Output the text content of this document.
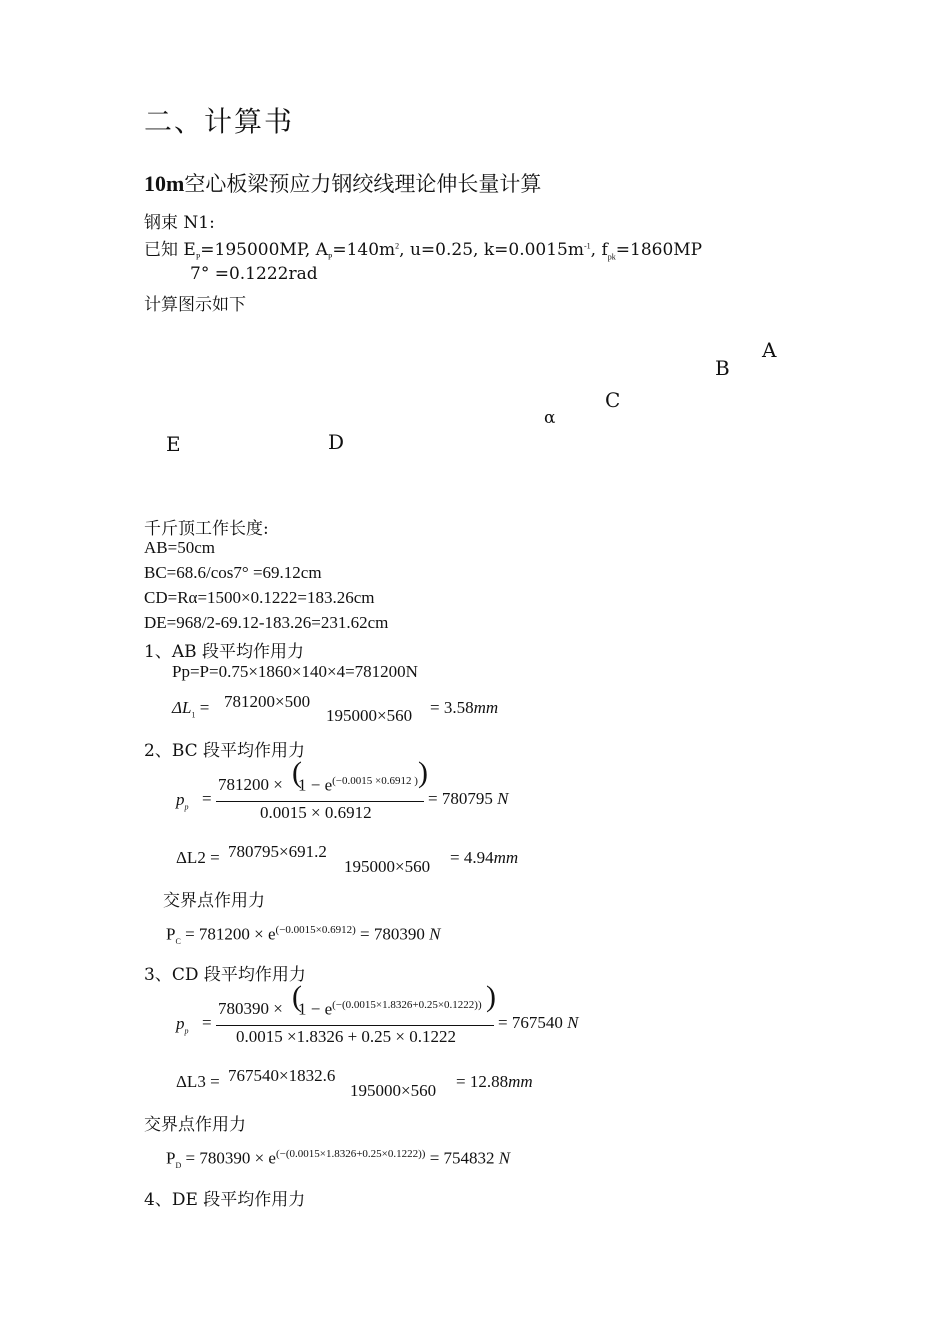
二、计算书
10m空心板梁预应力钢绞线理论伸长量计算
钢束 N1:
已知 $E_P=195000MP$, $A_P=140m^2$, u=0.25, $k=0.0015m^{-1}$, $f_{pk}=1860MP$
7° =0.1222rad
计算图示如下
A
B
C
α
D
E
千斤顶工作长度:
AB=50cm
BC=68.6/cos7° =69.12cm
CD=Rα=1500×0.1222=183.26cm
DE=968/2-69.12-183.26=231.62cm
1、AB 段平均作用力
Pp=P=0.75×1860×140×4=781200N
$\Delta L_1 = 781200\times 500$
195000×560 = 3.58mm
2、BC 段平均作用力
$p_p$ =
781200 × (
$1 - e^{(-0.0015 \times 0.6912 )}$ )
0.0015 × 0.6912
= 780795 N
ΔL2 = 780795×691.2
195000×560 = 4.94mm
交界点作用力
$P_C = 781200 \times e^{(-0.0015\times 0.6912)} = 780390$ N
3、CD 段平均作用力
$p_p$ =
780390 × (
$1 - e^{(-(0.0015\times 1.8326+0.25\times 0.1222))}$ )
0.0015 ×1.8326 + 0.25 × 0.1222
= 767540 N
ΔL3 = 767540×1832.6
195000×560 = 12.88mm
交界点作用力
$P_D = 780390 \times e^{(-(0.0015\times 1.8326+0.25\times 0.1222))} = 754832$ N
4、DE 段平均作用力
